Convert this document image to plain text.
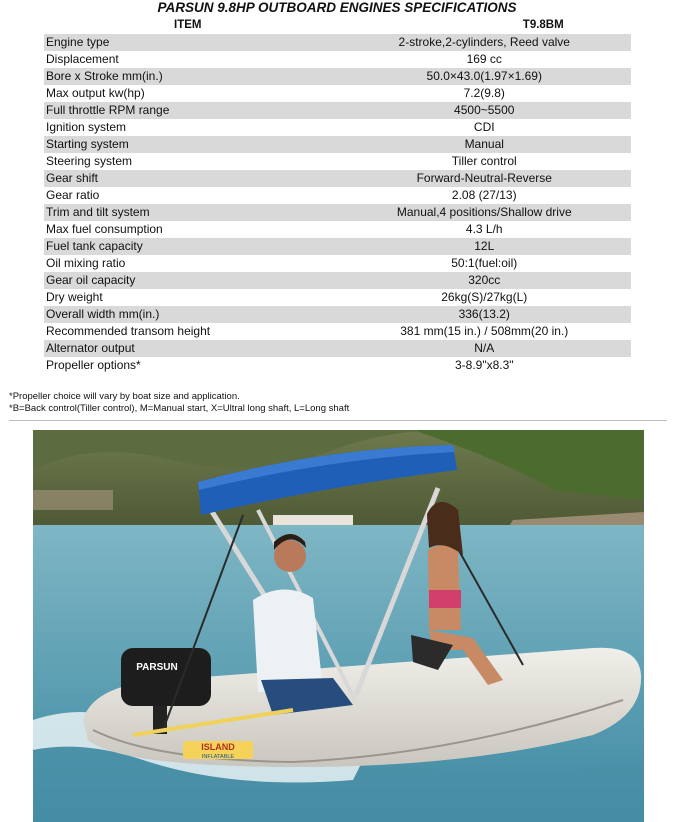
PARSUN 9.8HP OUTBOARD ENGINES SPECIFICATIONS
ITEM	T9.8BM
Engine type	2-stroke,2-cylinders, Reed valve
Displacement	169 cc
Bore x Stroke mm(in.)	50.0×43.0(1.97×1.69)
Max output kw(hp)	7.2(9.8)
Full throttle RPM range	4500~5500
Ignition system	CDI
Starting system	Manual
Steering system	Tiller control
Gear shift	Forward-Neutral-Reverse
Gear ratio	2.08 (27/13)
Trim and tilt system	Manual,4 positions/Shallow drive
Max fuel consumption	4.3 L/h
Fuel tank capacity	12L
Oil mixing ratio	50:1(fuel:oil)
Gear oil capacity	320cc
Dry weight	26kg(S)/27kg(L)
Overall width mm(in.)	336(13.2)
Recommended transom height	381 mm(15 in.) / 508mm(20 in.)
Alternator output	N/A
Propeller options*	3-8.9"x8.3"
*Propeller choice will vary by boat size and application.
*B=Back control(Tiller control), M=Manual start, X=Ultral long shaft, L=Long shaft
ISLAND
INFLATABLE
PARSUN
